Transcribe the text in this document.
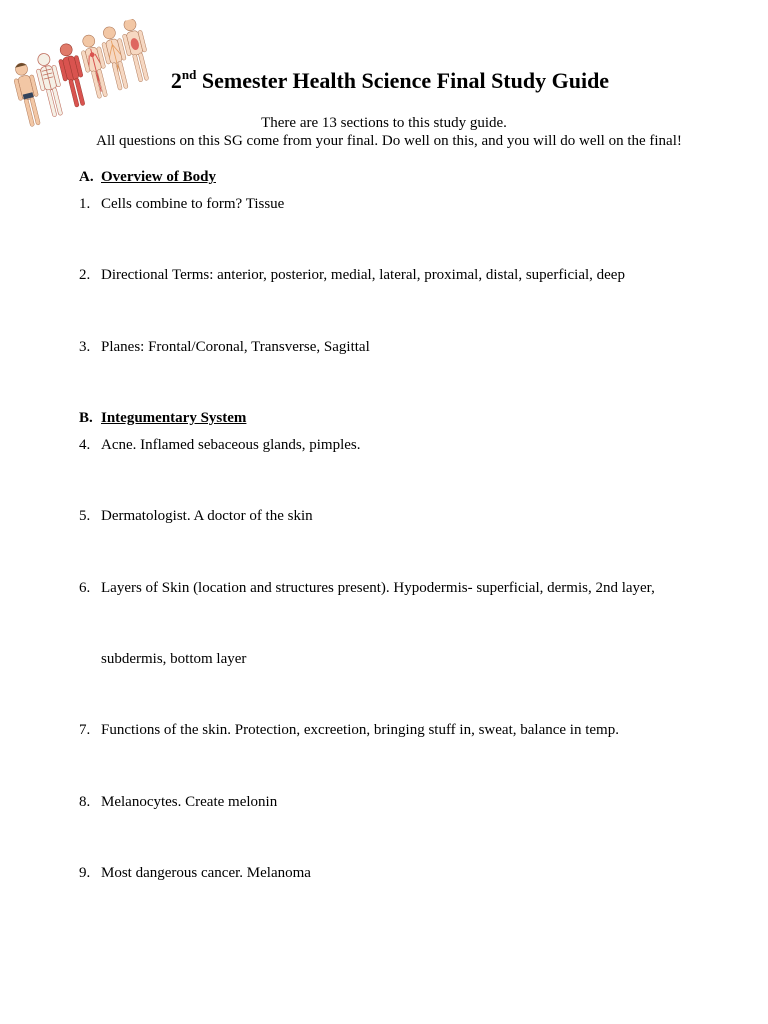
2nd Semester Health Science Final Study Guide
There are 13 sections to this study guide.
All questions on this SG come from your final. Do well on this, and you will do well on the final!
A. Overview of Body
1. Cells combine to form? Tissue
2. Directional Terms: anterior, posterior, medial, lateral, proximal, distal, superficial, deep
3. Planes: Frontal/Coronal, Transverse, Sagittal
B. Integumentary System
4. Acne. Inflamed sebaceous glands, pimples.
5. Dermatologist. A doctor of the skin
6. Layers of Skin (location and structures present). Hypodermis- superficial, dermis, 2nd layer,
subdermis, bottom layer
7. Functions of the skin. Protection, excreetion, bringing stuff in, sweat, balance in temp.
8. Melanocytes. Create melonin
9. Most dangerous cancer. Melanoma
